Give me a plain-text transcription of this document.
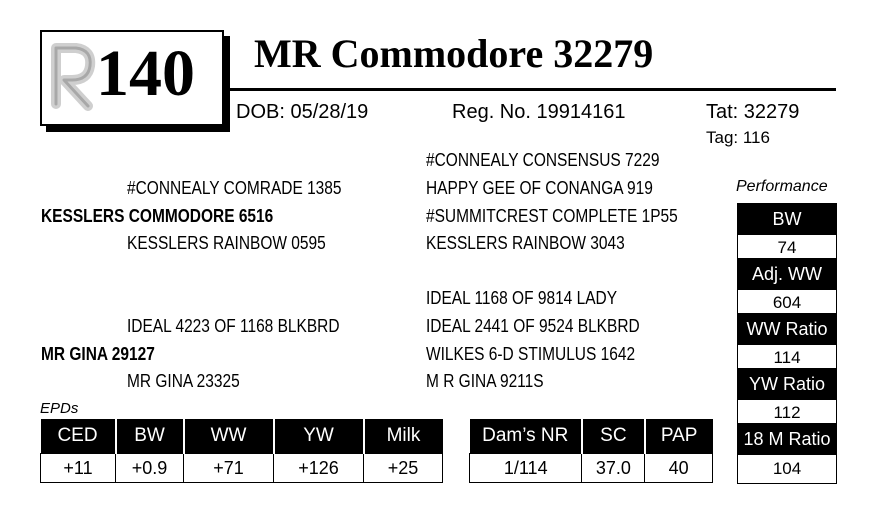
140 MR Commodore 32279
DOB: 05/28/19	Reg. No. 19914161	Tat: 32279
Tag: 116
#CONNEALY CONSENSUS 7229
#CONNEALY COMRADE 1385	HAPPY GEE OF CONANGA 919
KESSLERS COMMODORE 6516	#SUMMITCREST COMPLETE 1P55
KESSLERS RAINBOW 0595	KESSLERS RAINBOW 3043
IDEAL 1168 OF 9814 LADY
IDEAL 4223 OF 1168 BLKBRD	IDEAL 2441 OF 9524 BLKBRD
MR GINA 29127	WILKES 6-D STIMULUS 1642
MR GINA 23325	M R GINA 9211S
EPDs
CED	BW	WW	YW	Milk
+11	+0.9	+71	+126	+25
Dam’s NR	SC	PAP
1/114	37.0	40
Performance
BW
74
Adj. WW
604
WW Ratio
114
YW Ratio
112
18 M Ratio
104
